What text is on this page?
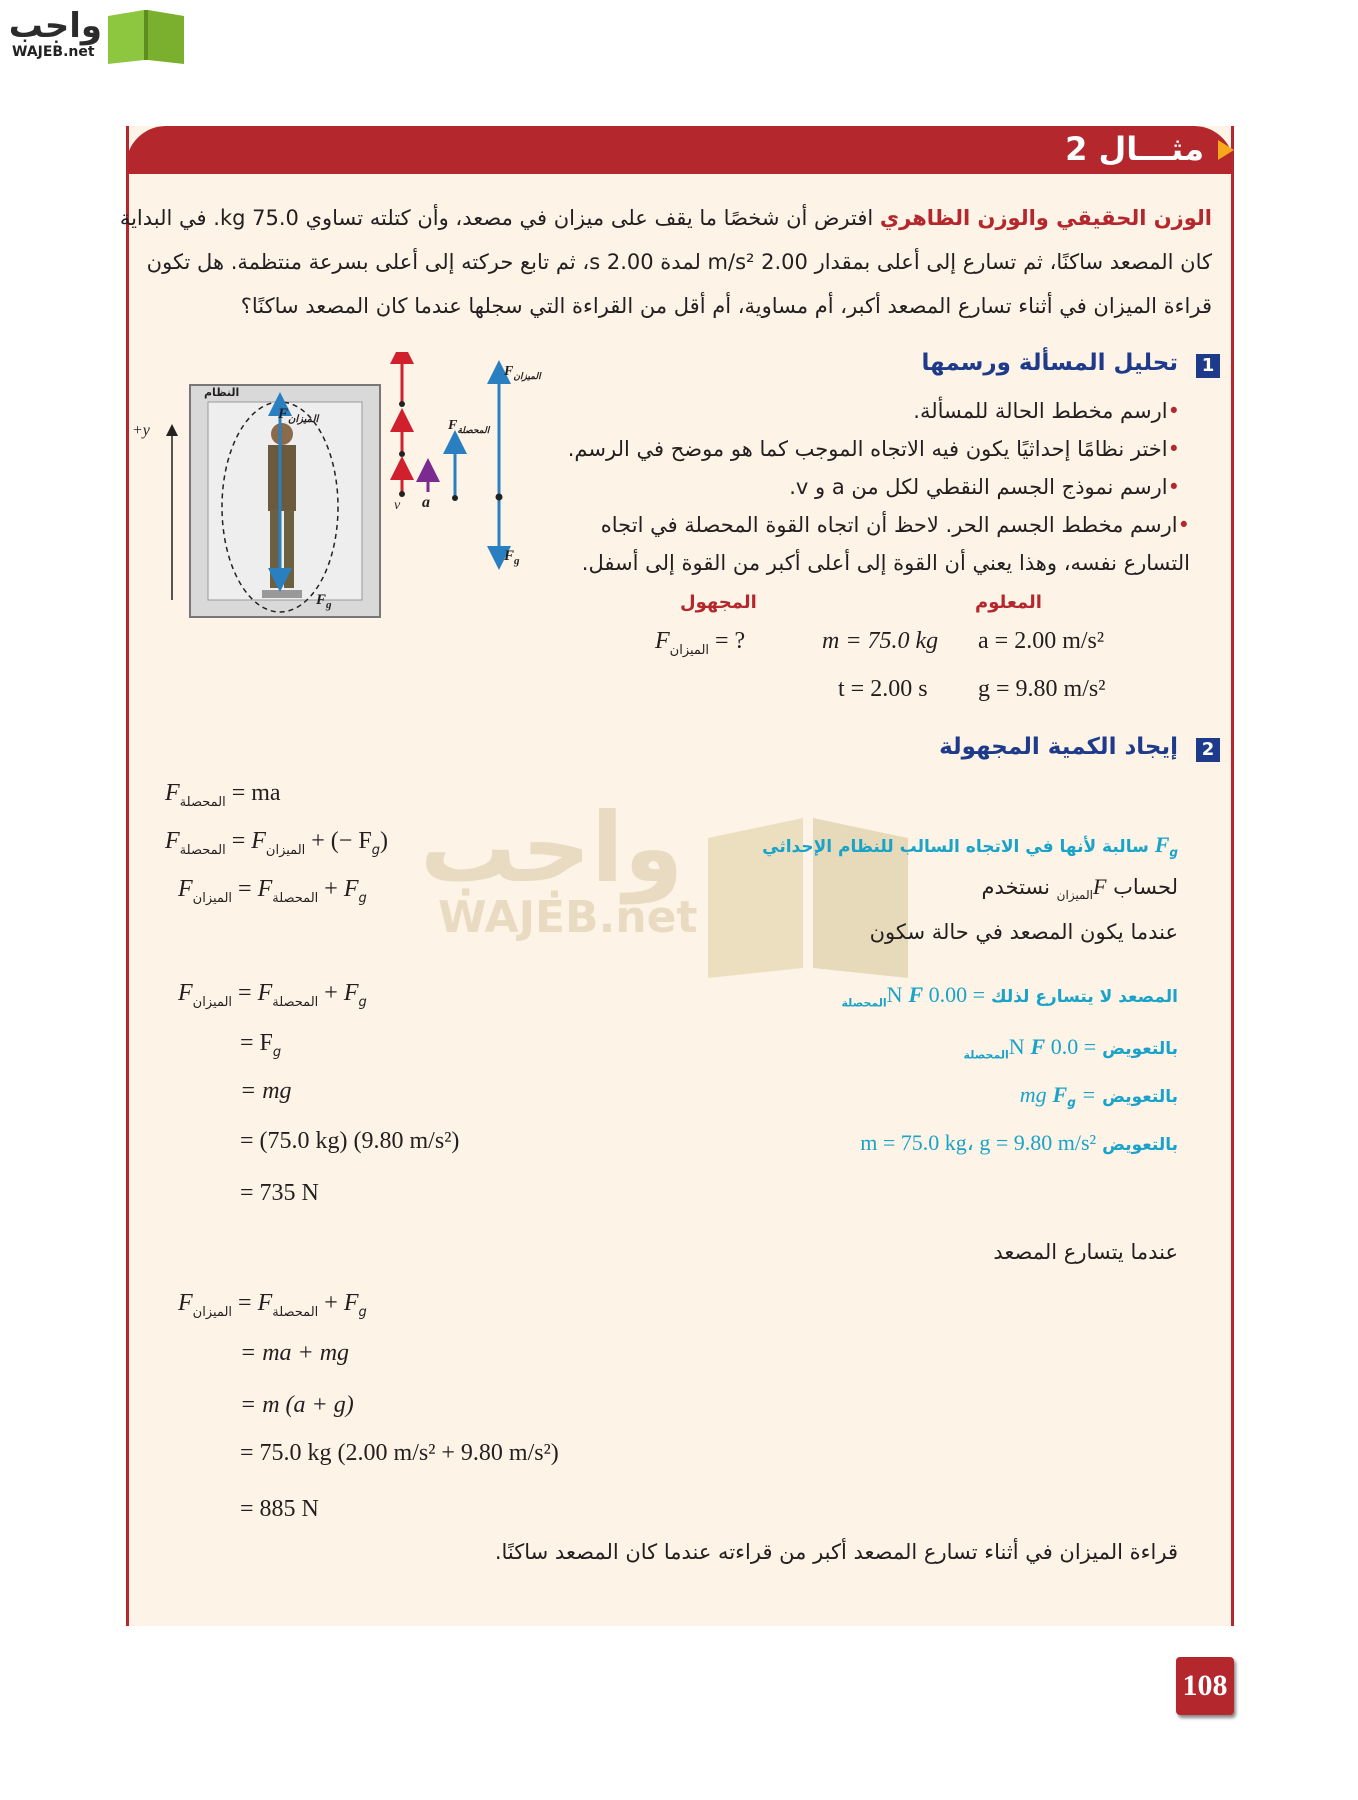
واجب
WAJEB.net
مثـــال 2
الوزن الحقيقي والوزن الظاهري افترض أن شخصًا ما يقف على ميزان في مصعد، وأن كتلته تساوي 75.0 kg. في البداية
كان المصعد ساكنًا، ثم تسارع إلى أعلى بمقدار 2.00 m/s² لمدة 2.00 s، ثم تابع حركته إلى أعلى بسرعة منتظمة. هل تكون
قراءة الميزان في أثناء تسارع المصعد أكبر، أم مساوية، أم أقل من القراءة التي سجلها عندما كان المصعد ساكنًا؟
1
تحليل المسألة ورسمها
•ارسم مخطط الحالة للمسألة.
•اختر نظامًا إحداثيًا يكون فيه الاتجاه الموجب كما هو موضح في الرسم.
•ارسم نموذج الجسم النقطي لكل من a و v.
•ارسم مخطط الجسم الحر. لاحظ أن اتجاه القوة المحصلة في اتجاه التسارع نفسه، وهذا يعني أن القوة إلى أعلى أكبر من القوة إلى أسفل.
المعلوم
المجهول
m = 75.0 kg a = 2.00 m/s²
t = 2.00 s g = 9.80 m/s²
$F_{الميزان}$ = ?
النظام
$F_{الميزان}$
$F_g$
+y
v a
$F_{المحصلة}$
$F_{الميزان}$
$F_g$
2
إيجاد الكمية المجهولة
واجب
WAJEB.net
$F_{المحصلة}$ = ma
$F_{المحصلة} = F_{الميزان}$ + (− $F_g$)
$F_{الميزان} = F_{المحصلة} + F_g$
$F_g$ سالبة لأنها في الاتجاه السالب للنظام الإحداثي
لحساب $F_{الميزان}$ نستخدم
عندما يكون المصعد في حالة سكون
$F_{الميزان} = F_{المحصلة} + F_g$
= $F_g$
= mg
= (75.0 kg) (9.80 m/s²)
= 735 N
المصعد لا يتسارع لذلك = 0.00 N $F_{المحصلة}$
بالتعويض = 0.0 N $F_{المحصلة}$
بالتعويض = mg $F_g$
بالتعويض m = 75.0 kg، g = 9.80 m/s²
عندما يتسارع المصعد
$F_{الميزان} = F_{المحصلة} + F_g$
= ma + mg
= m (a + g)
= 75.0 kg (2.00 m/s² + 9.80 m/s²)
= 885 N
قراءة الميزان في أثناء تسارع المصعد أكبر من قراءته عندما كان المصعد ساكنًا.
108
